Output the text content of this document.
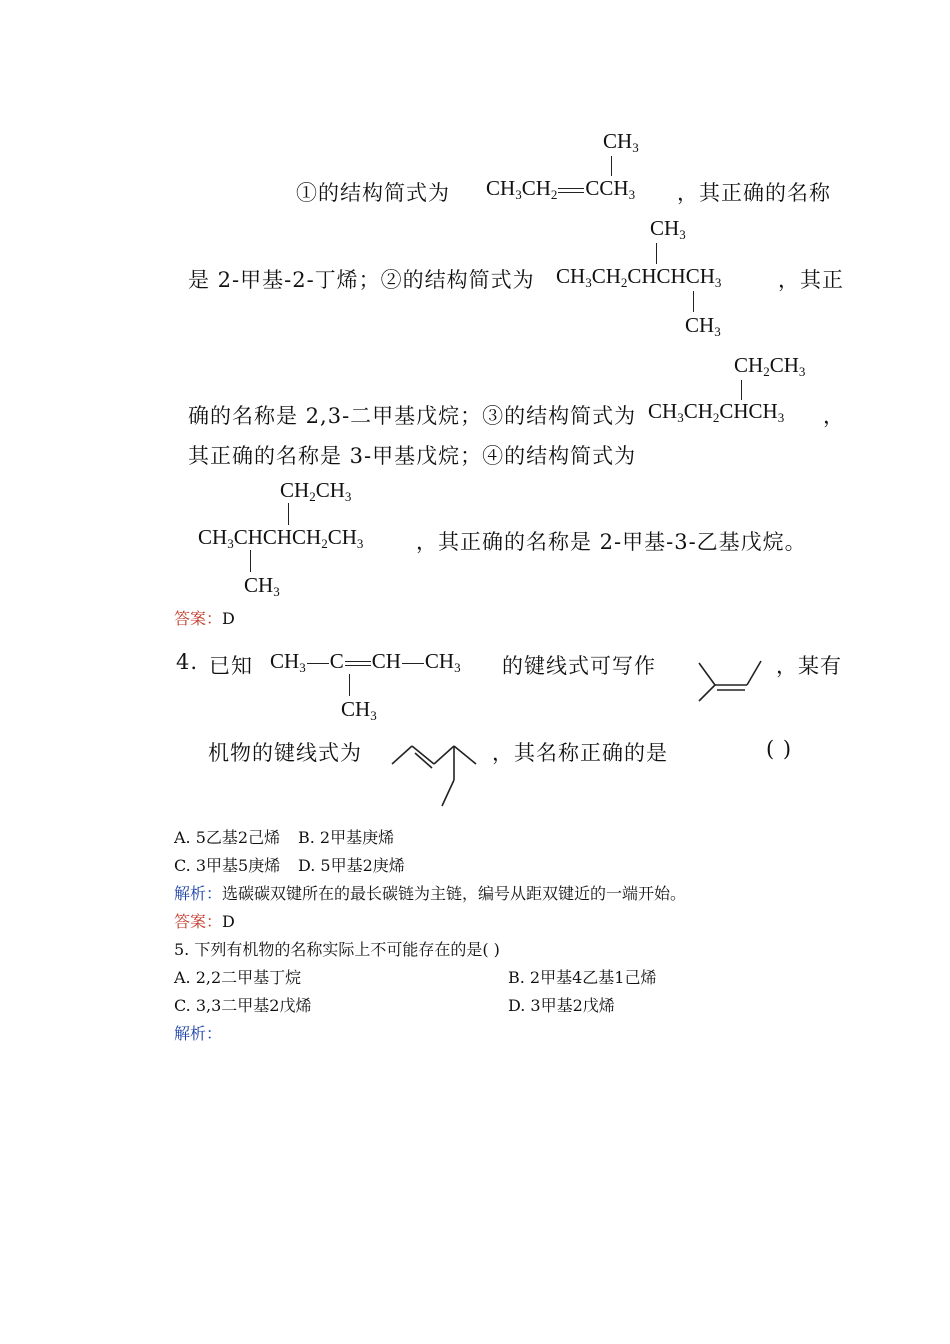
①的结构简式为 $CH_3CH_2$ $CCH_3$
$CH_3$
，其正确的名称
是 2-甲基-2-丁烯；②的结构简式为 $CH_3CH_2CHCHCH_3$
$CH_3$
$CH_3$
，其正
$CH_2CH_3$
确的名称是 2,3-二甲基戊烷；③的结构简式为 $CH_3CH_2CHCH_3$ ，
其正确的名称是 3-甲基戊烷；④的结构简式为
$CH_2CH_3$
$CH_3CHCHCH_2CH_3$
$CH_3$
，其正确的名称是 2-甲基-3-乙基戊烷。
答案：D
4. 已知 $CH_3$ C CH $CH_3$
$CH_3$
的键线式可写作	，某有
机物的键线式为	，其名称正确的是	( )
A. 5乙基2己烯 B. 2甲基庚烯
C. 3甲基5庚烯 D. 5甲基2庚烯
解析：选碳碳双键所在的最长碳链为主链，编号从距双键近的一端开始。
答案：D
5. 下列有机物的名称实际上不可能存在的是( )
A. 2,2二甲基丁烷	B. 2甲基4乙基1己烯
C. 3,3二甲基2戊烯	D. 3甲基2戊烯
解析：
